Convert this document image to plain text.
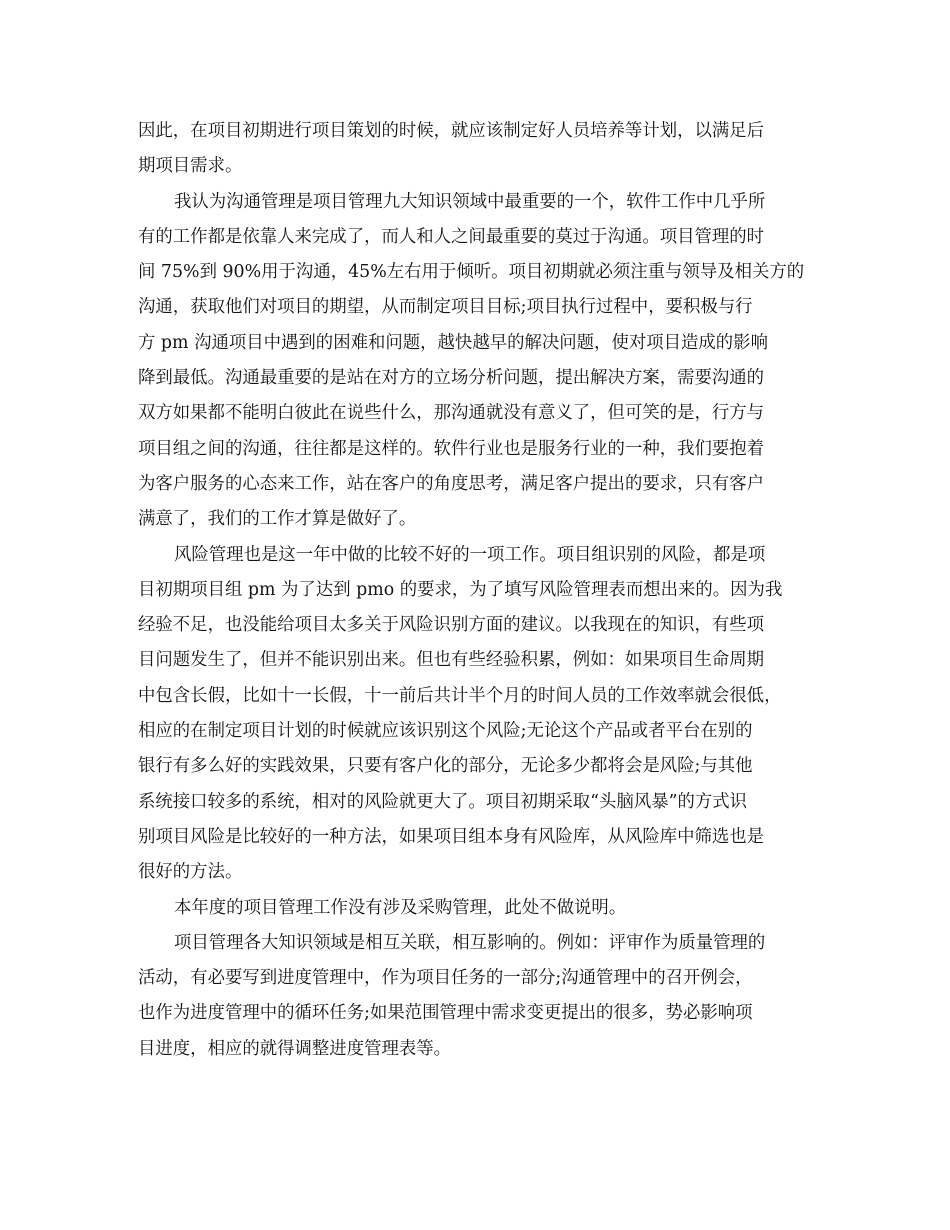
因此，在项目初期进行项目策划的时候，就应该制定好人员培养等计划，以满足后
期项目需求。
我认为沟通管理是项目管理九大知识领域中最重要的一个，软件工作中几乎所
有的工作都是依靠人来完成了，而人和人之间最重要的莫过于沟通。项目管理的时
间 75%到 90%用于沟通，45%左右用于倾听。项目初期就必须注重与领导及相关方的
沟通，获取他们对项目的期望，从而制定项目目标;项目执行过程中，要积极与行
方 pm 沟通项目中遇到的困难和问题，越快越早的解决问题，使对项目造成的影响
降到最低。沟通最重要的是站在对方的立场分析问题，提出解决方案，需要沟通的
双方如果都不能明白彼此在说些什么，那沟通就没有意义了，但可笑的是，行方与
项目组之间的沟通，往往都是这样的。软件行业也是服务行业的一种，我们要抱着
为客户服务的心态来工作，站在客户的角度思考，满足客户提出的要求，只有客户
满意了，我们的工作才算是做好了。
风险管理也是这一年中做的比较不好的一项工作。项目组识别的风险，都是项
目初期项目组 pm 为了达到 pmo 的要求，为了填写风险管理表而想出来的。因为我
经验不足，也没能给项目太多关于风险识别方面的建议。以我现在的知识，有些项
目问题发生了，但并不能识别出来。但也有些经验积累，例如：如果项目生命周期
中包含长假，比如十一长假，十一前后共计半个月的时间人员的工作效率就会很低，
相应的在制定项目计划的时候就应该识别这个风险;无论这个产品或者平台在别的
银行有多么好的实践效果，只要有客户化的部分，无论多少都将会是风险;与其他
系统接口较多的系统，相对的风险就更大了。项目初期采取“头脑风暴”的方式识
别项目风险是比较好的一种方法，如果项目组本身有风险库，从风险库中筛选也是
很好的方法。
本年度的项目管理工作没有涉及采购管理，此处不做说明。
项目管理各大知识领域是相互关联，相互影响的。例如：评审作为质量管理的
活动，有必要写到进度管理中，作为项目任务的一部分;沟通管理中的召开例会，
也作为进度管理中的循环任务;如果范围管理中需求变更提出的很多，势必影响项
目进度，相应的就得调整进度管理表等。
